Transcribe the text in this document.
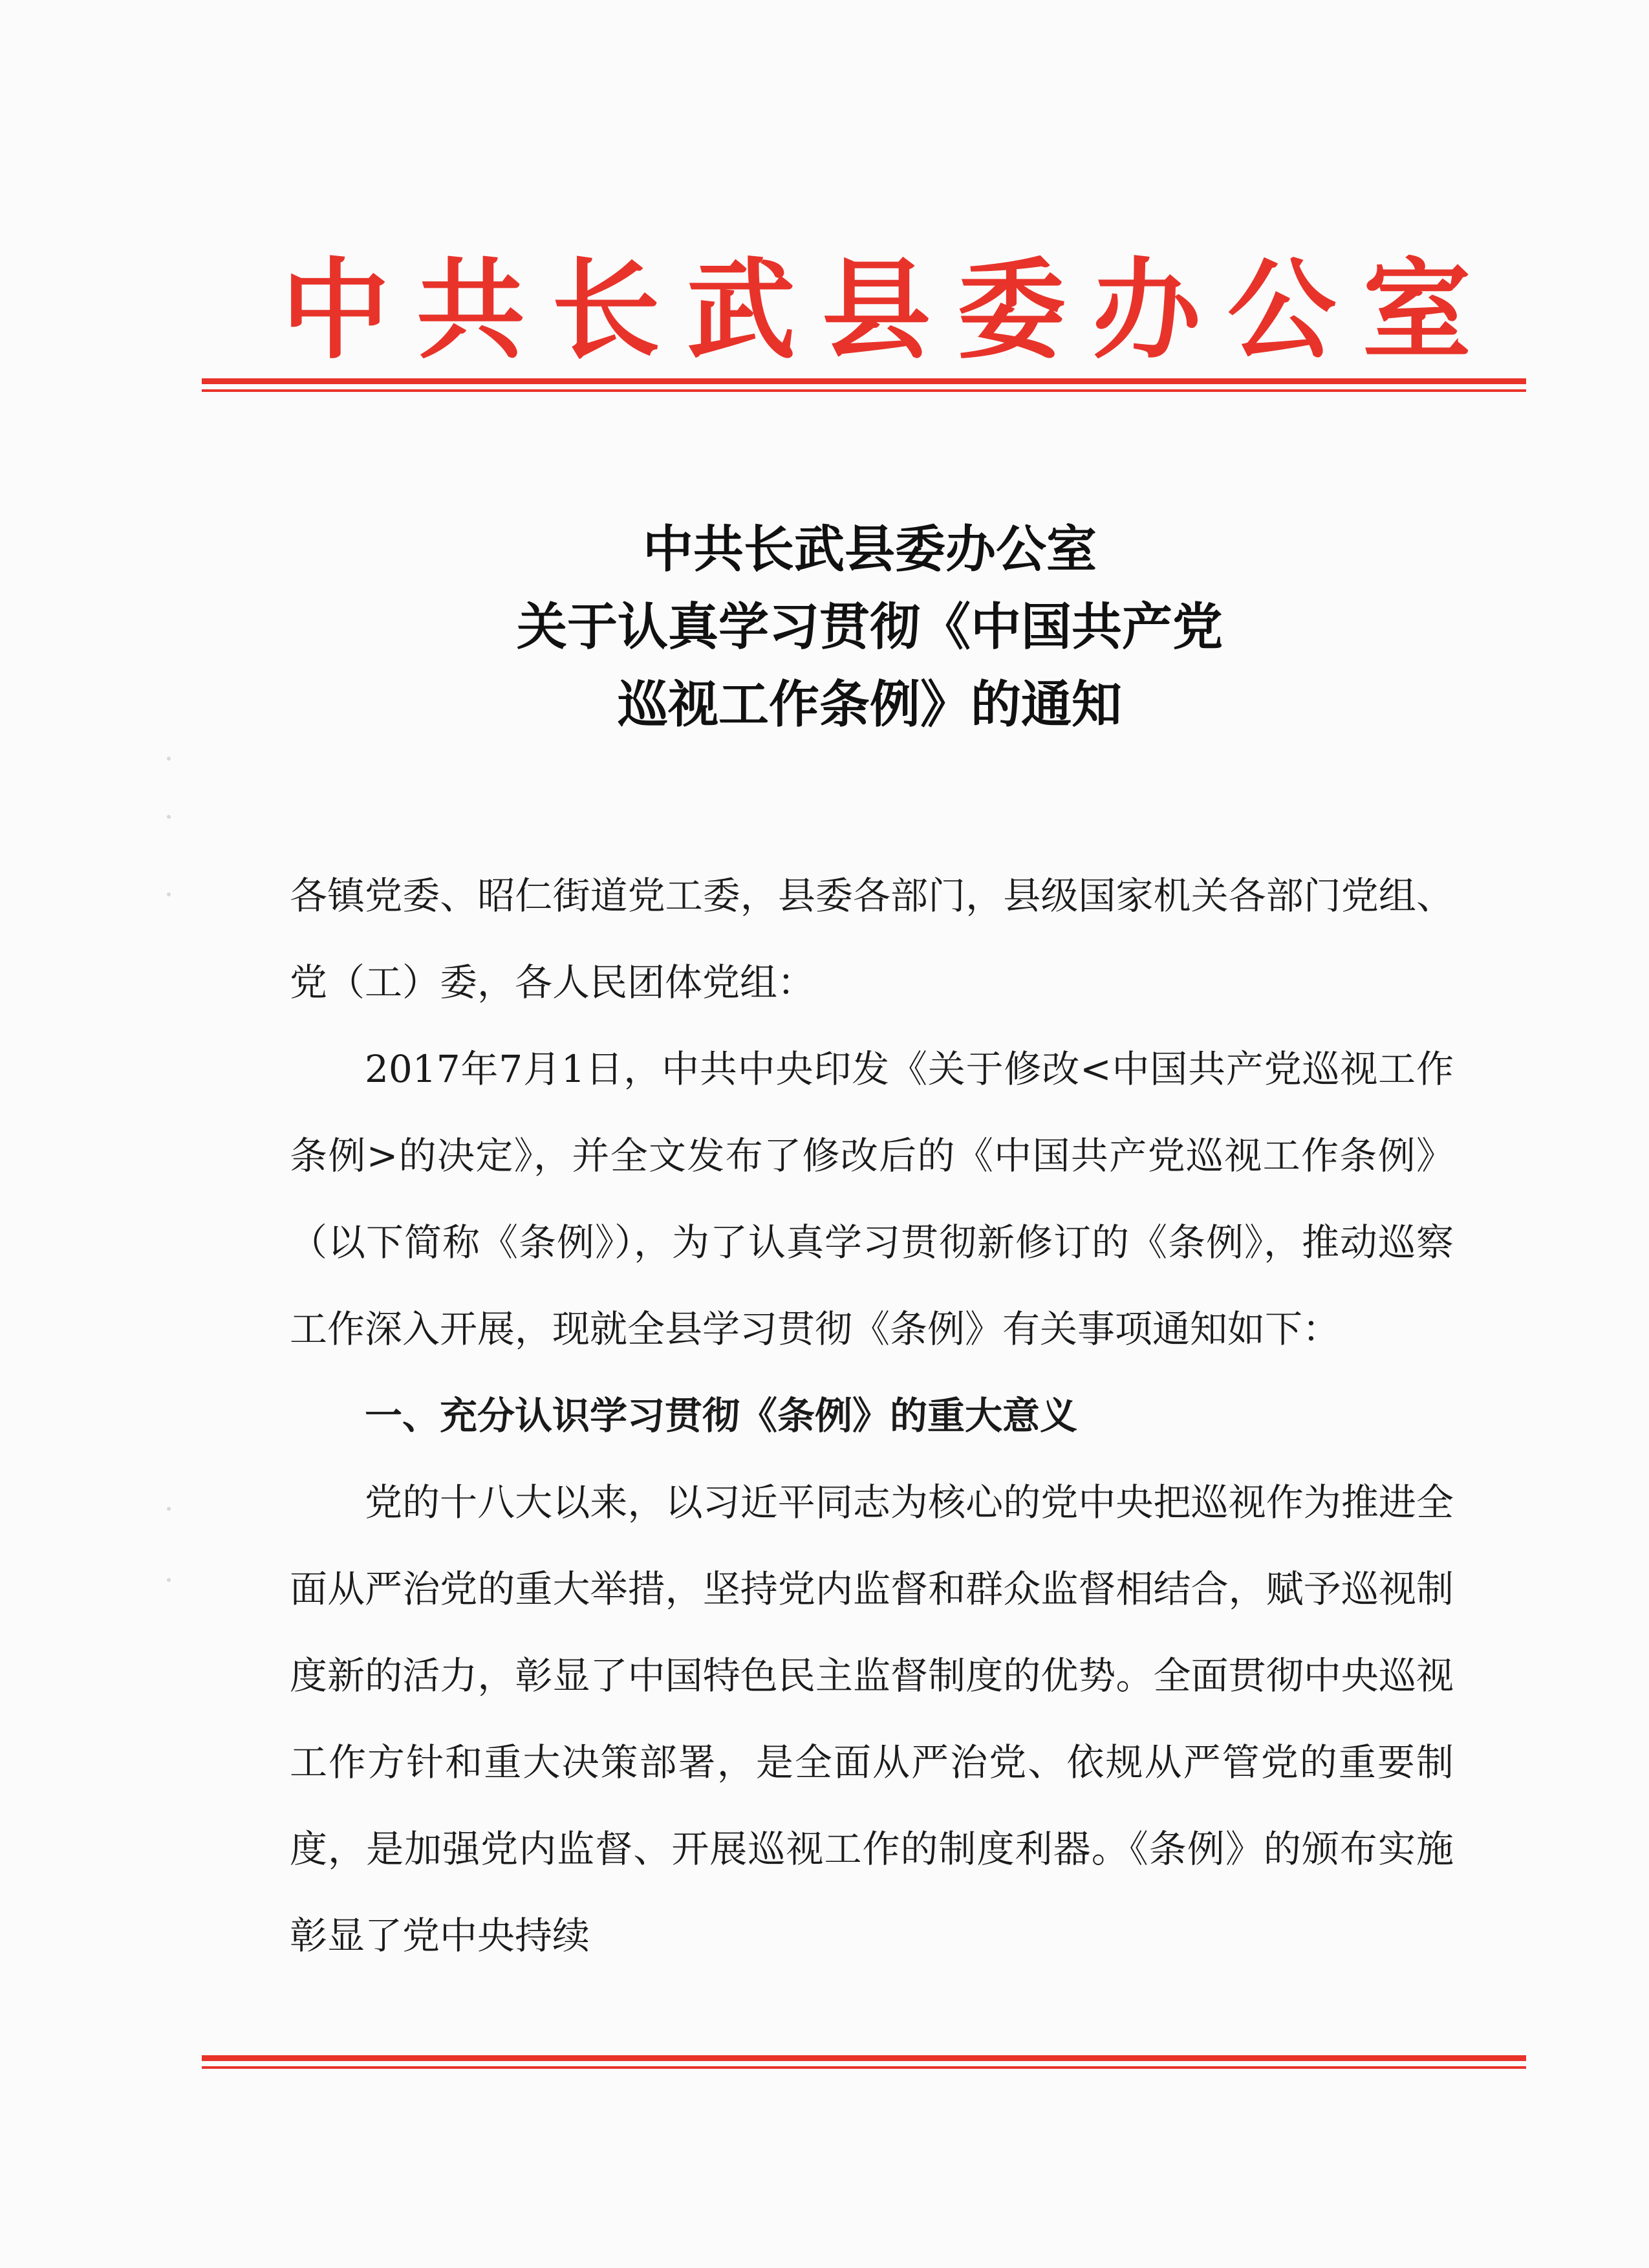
中共长武县委办公室
中共长武县委办公室
关于认真学习贯彻《中国共产党
巡视工作条例》的通知

各镇党委、昭仁街道党工委，县委各部门，县级国家机关各部门党组、党（工）委，各人民团体党组：

2017年7月1日，中共中央印发《关于修改<中国共产党巡视工作条例>的决定》，并全文发布了修改后的《中国共产党巡视工作条例》（以下简称《条例》），为了认真学习贯彻新修订的《条例》，推动巡察工作深入开展，现就全县学习贯彻《条例》有关事项通知如下：

一、充分认识学习贯彻《条例》的重大意义

党的十八大以来，以习近平同志为核心的党中央把巡视作为推进全面从严治党的重大举措，坚持党内监督和群众监督相结合，赋予巡视制度新的活力，彰显了中国特色民主监督制度的优势。全面贯彻中央巡视工作方针和重大决策部署，是全面从严治党、依规从严管党的重要制度，是加强党内监督、开展巡视工作的制度利器。《条例》的颁布实施彰显了党中央持续
